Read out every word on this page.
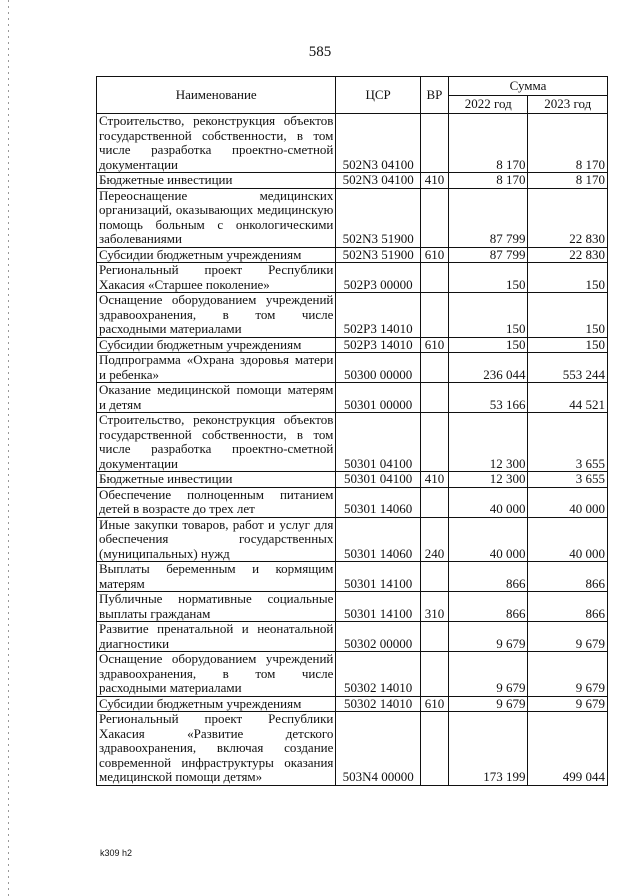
585
Наименование	ЦСР	ВР	Сумма	
			2022 год	2023 год
Строительство, реконструкция объектов государственной собственности, в том числе разработка проектно-сметной документации	502N3 04100		8 170	8 170
Бюджетные инвестиции	502N3 04100	410	8 170	8 170
Переоснащение медицинских организаций, оказывающих медицинскую помощь больным с онкологическими заболеваниями	502N3 51900		87 799	22 830
Субсидии бюджетным учреждениям	502N3 51900	610	87 799	22 830
Региональный проект Республики Хакасия «Старшее поколение»	502P3 00000		150	150
Оснащение оборудованием учреждений здравоохранения, в том числе расходными материалами	502P3 14010		150	150
Субсидии бюджетным учреждениям	502P3 14010	610	150	150
Подпрограмма «Охрана здоровья матери и ребенка»	50300 00000		236 044	553 244
Оказание медицинской помощи матерям и детям	50301 00000		53 166	44 521
Строительство, реконструкция объектов государственной собственности, в том числе разработка проектно-сметной документации	50301 04100		12 300	3 655
Бюджетные инвестиции	50301 04100	410	12 300	3 655
Обеспечение полноценным питанием детей в возрасте до трех лет	50301 14060		40 000	40 000
Иные закупки товаров, работ и услуг для обеспечения государственных (муниципальных) нужд	50301 14060	240	40 000	40 000
Выплаты беременным и кормящим матерям	50301 14100		866	866
Публичные нормативные социальные выплаты гражданам	50301 14100	310	866	866
Развитие пренатальной и неонатальной диагностики	50302 00000		9 679	9 679
Оснащение оборудованием учреждений здравоохранения, в том числе расходными материалами	50302 14010		9 679	9 679
Субсидии бюджетным учреждениям	50302 14010	610	9 679	9 679
Региональный проект Республики Хакасия «Развитие детского здравоохранения, включая создание современной инфраструктуры оказания медицинской помощи детям»	503N4 00000		173 199	499 044
k309 h2
